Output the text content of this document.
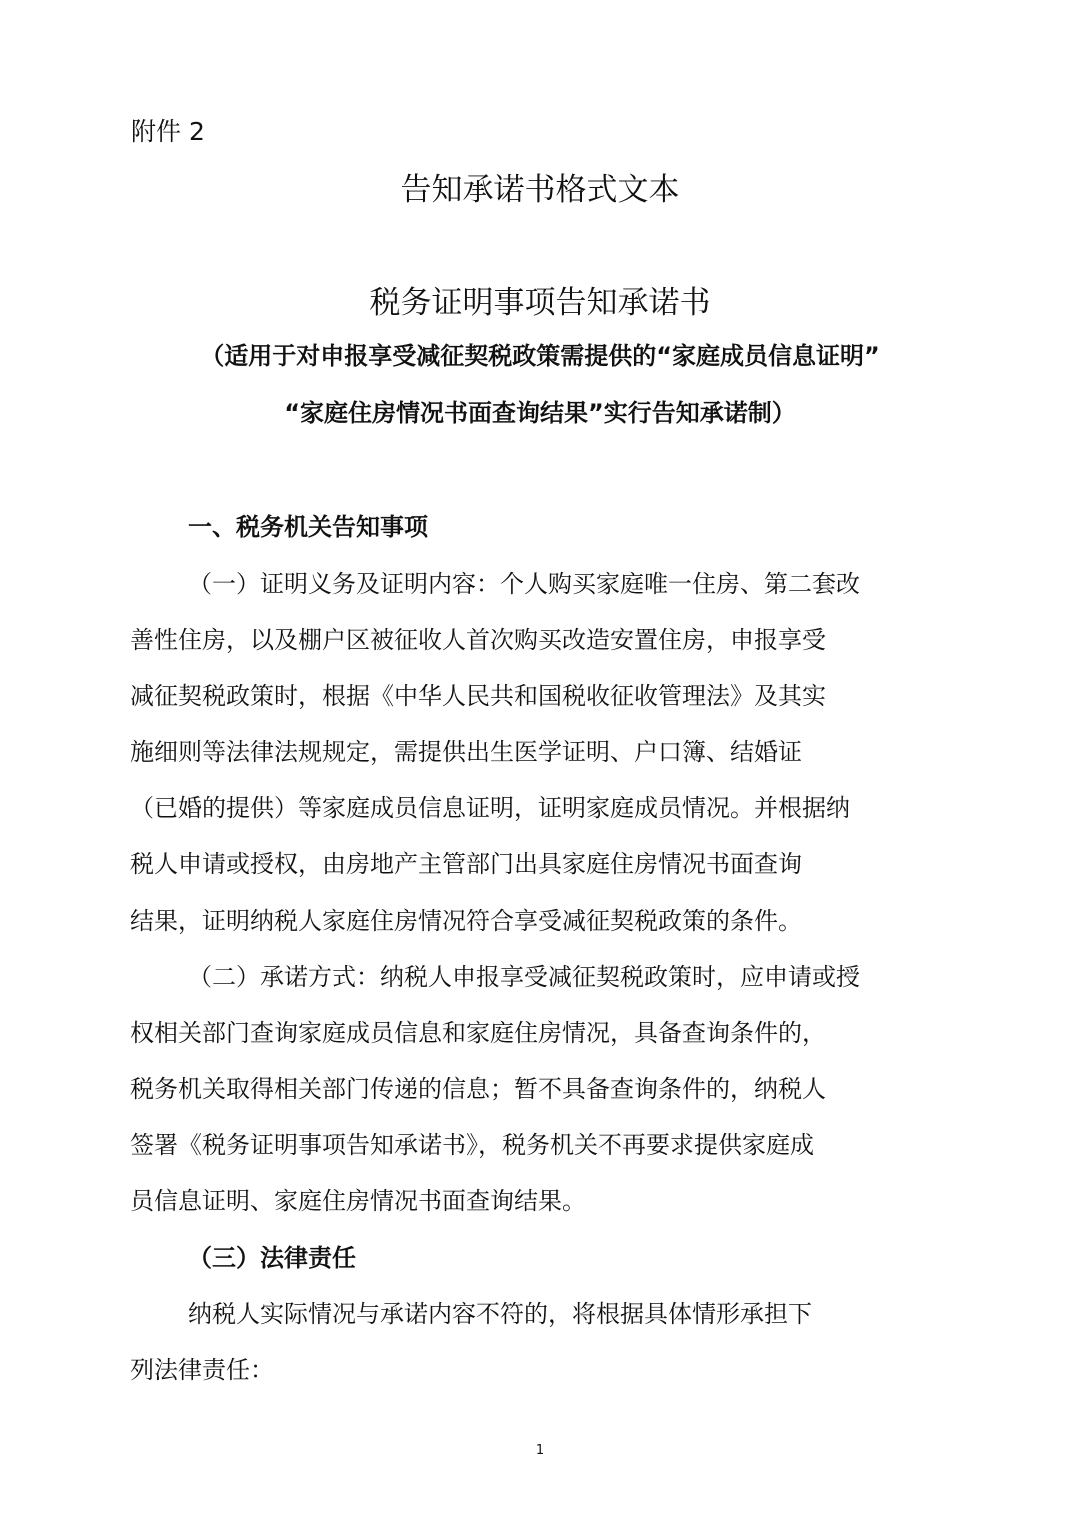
附件 2
告知承诺书格式文本
税务证明事项告知承诺书
（适用于对申报享受减征契税政策需提供的“家庭成员信息证明”
“家庭住房情况书面查询结果”实行告知承诺制）
一、税务机关告知事项
（一）证明义务及证明内容：个人购买家庭唯一住房、第二套改
善性住房，以及棚户区被征收人首次购买改造安置住房，申报享受
减征契税政策时，根据《中华人民共和国税收征收管理法》及其实
施细则等法律法规规定，需提供出生医学证明、户口簿、结婚证
（已婚的提供）等家庭成员信息证明，证明家庭成员情况。并根据纳
税人申请或授权，由房地产主管部门出具家庭住房情况书面查询
结果，证明纳税人家庭住房情况符合享受减征契税政策的条件。
（二）承诺方式：纳税人申报享受减征契税政策时，应申请或授
权相关部门查询家庭成员信息和家庭住房情况，具备查询条件的，
税务机关取得相关部门传递的信息；暂不具备查询条件的，纳税人
签署《税务证明事项告知承诺书》，税务机关不再要求提供家庭成
员信息证明、家庭住房情况书面查询结果。
（三）法律责任
纳税人实际情况与承诺内容不符的，将根据具体情形承担下
列法律责任：
1
